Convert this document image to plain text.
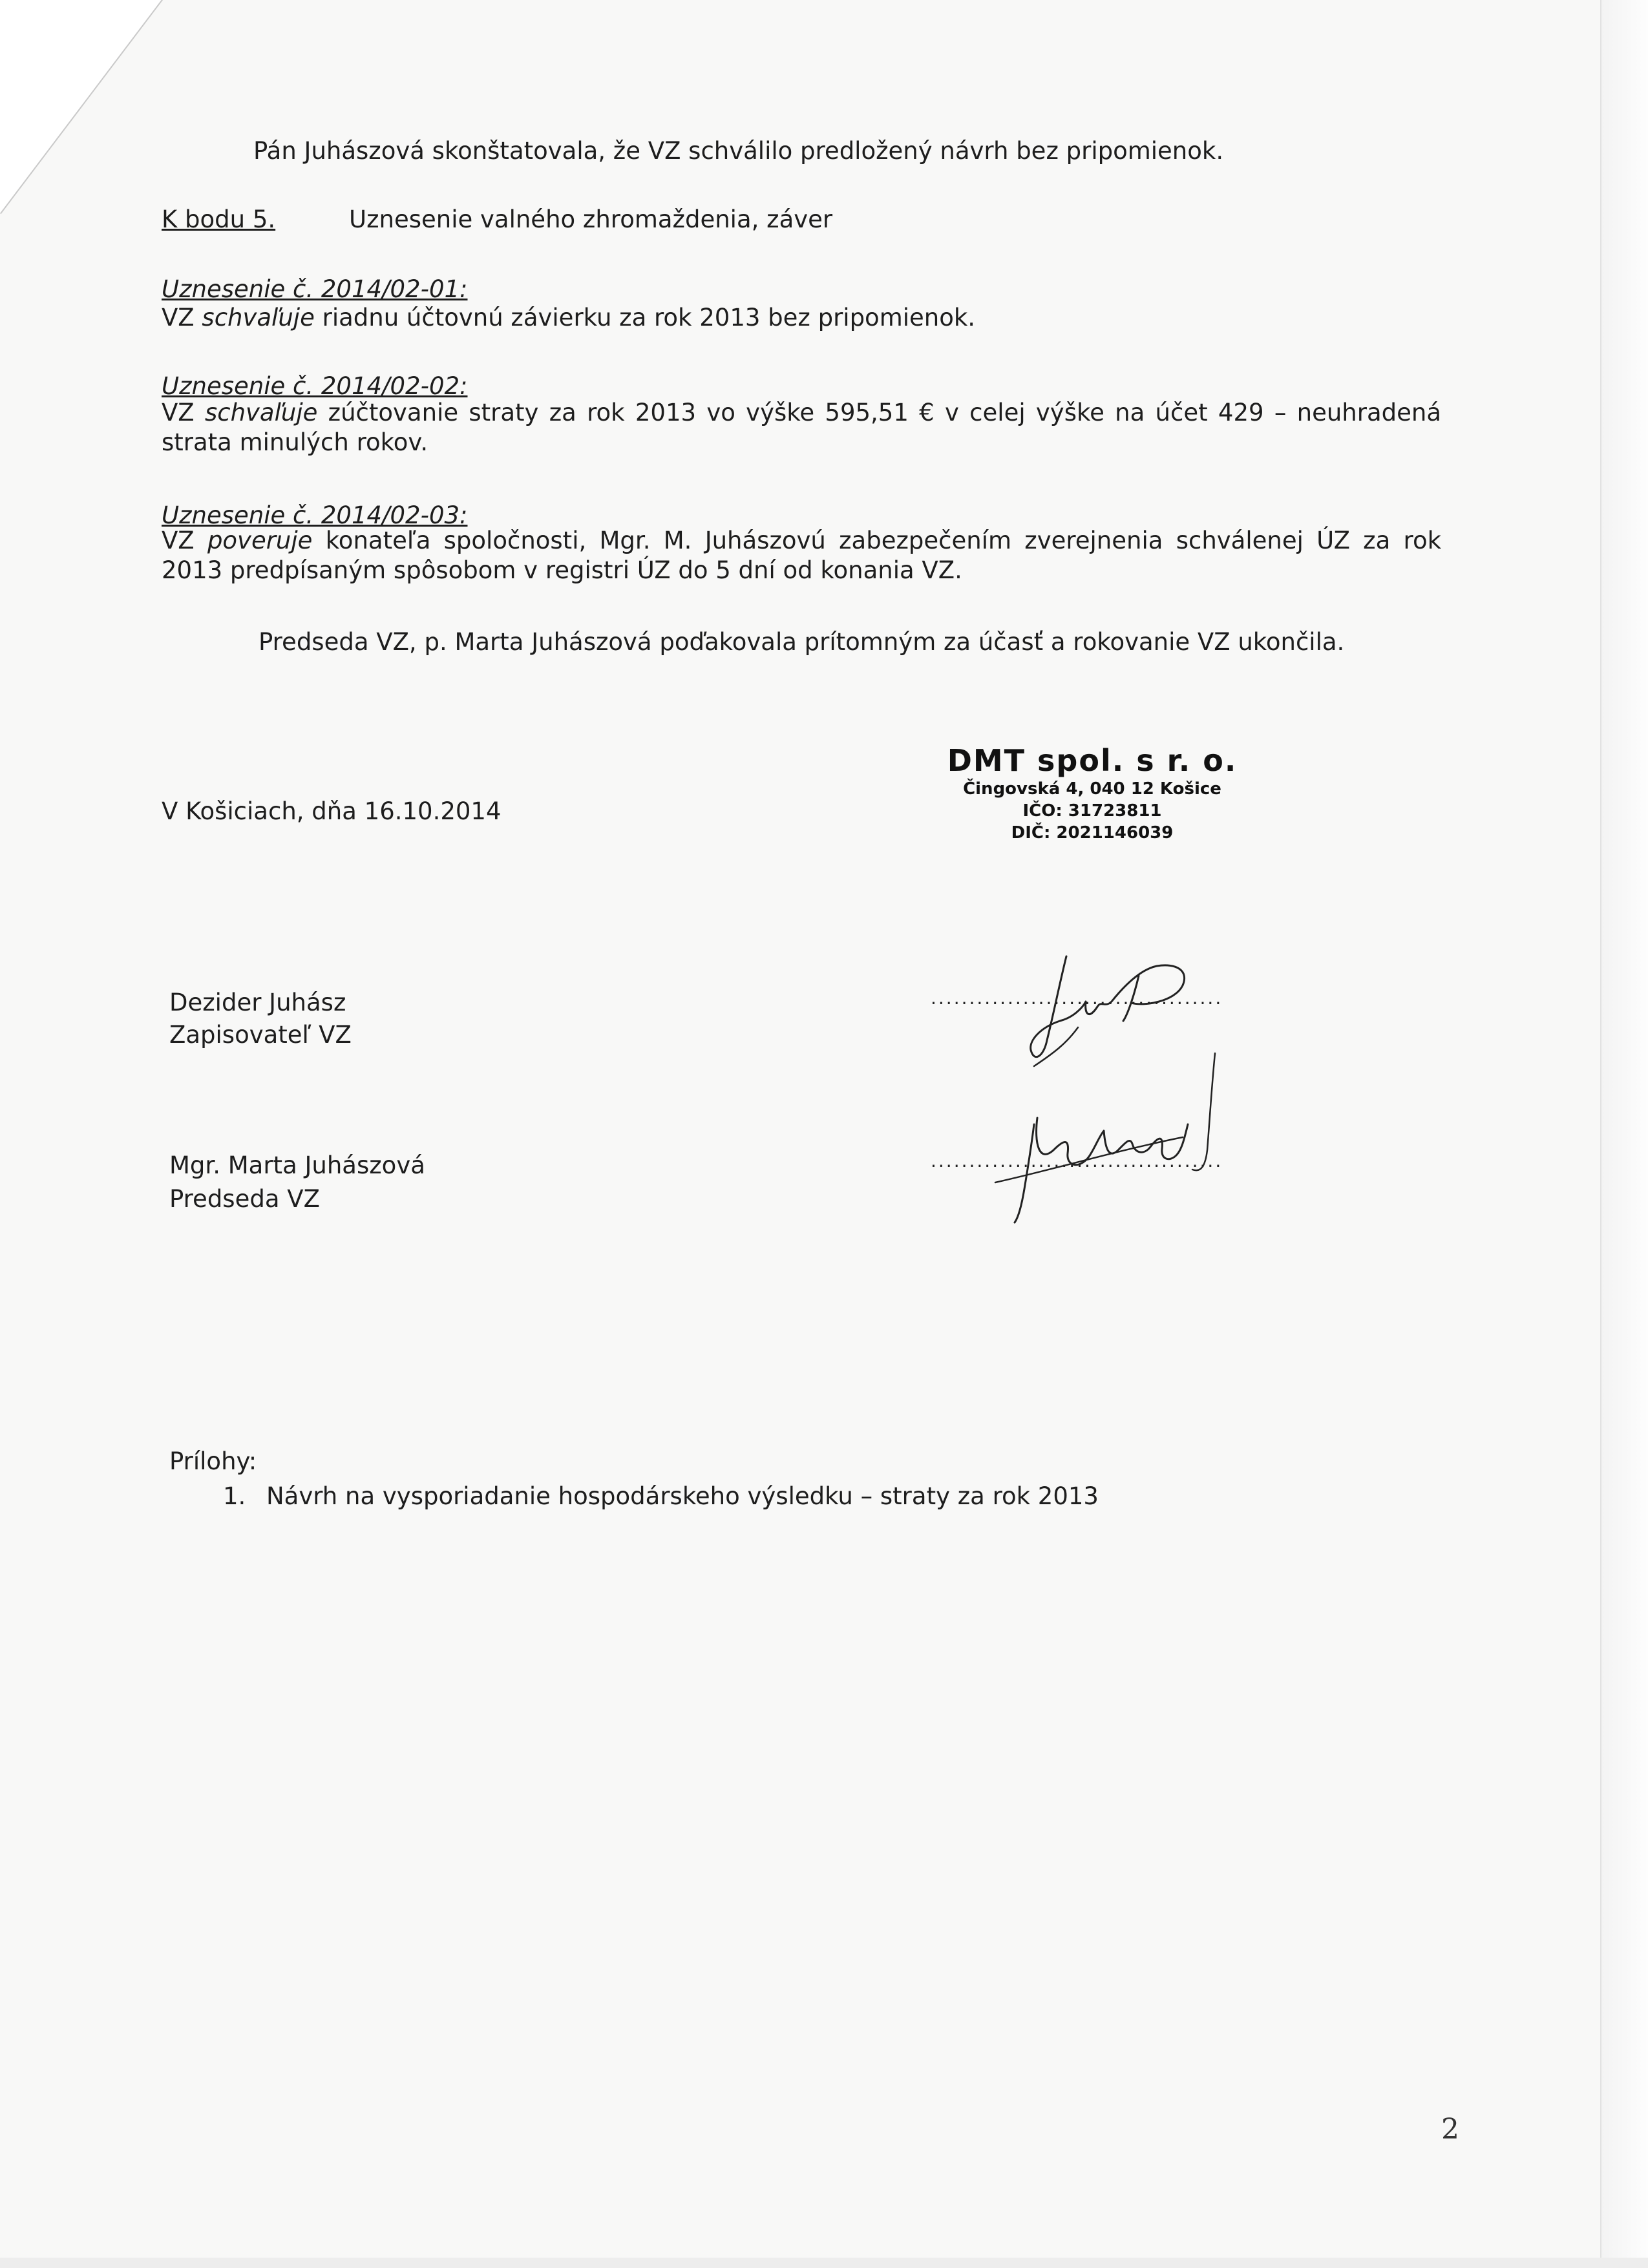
Pán Juhászová skonštatovala, že VZ schválilo predložený návrh bez pripomienok.
K bodu 5.	Uznesenie valného zhromaždenia, záver
Uznesenie č. 2014/02-01:
VZ schvaľuje riadnu účtovnú závierku za rok 2013 bez pripomienok.
Uznesenie č. 2014/02-02:
VZ schvaľuje zúčtovanie straty za rok 2013 vo výške 595,51 € v celej výške na účet 429 – neuhradená strata minulých rokov.
Uznesenie č. 2014/02-03:
VZ poveruje konateľa spoločnosti, Mgr. M. Juhászovú zabezpečením zverejnenia schválenej ÚZ za rok 2013 predpísaným spôsobom v registri ÚZ do 5 dní od konania VZ.
Predseda VZ, p. Marta Juhászová poďakovala prítomným za účasť a rokovanie VZ ukončila.
V Košiciach, dňa 16.10.2014
DMT spol. s r. o.
Čingovská 4, 040 12 Košice
IČO: 31723811
DIČ: 2021146039
Dezider Juhász
Zapisovateľ VZ
......................................
Mgr. Marta Juhászová
Predseda VZ
......................................
Prílohy:
1. Návrh na vysporiadanie hospodárskeho výsledku – straty za rok 2013
2
